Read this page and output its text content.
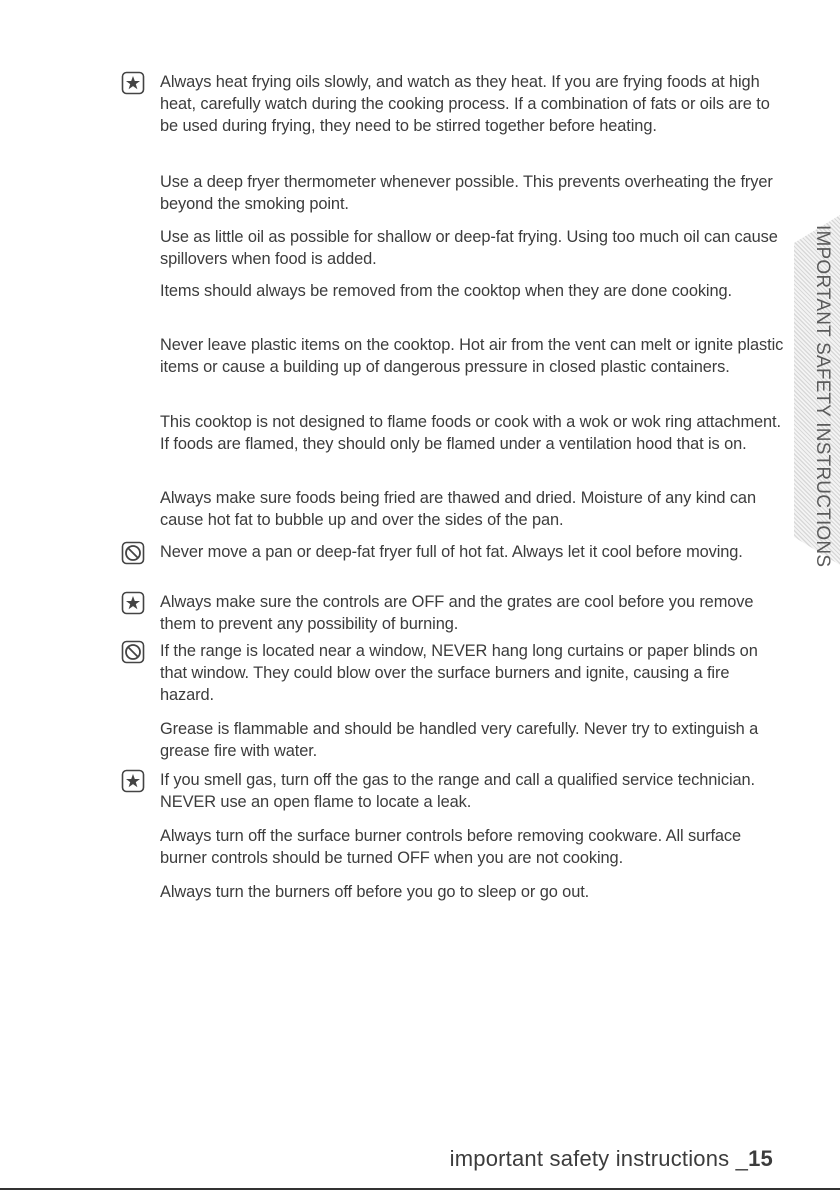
Always heat frying oils slowly, and watch as they heat. If you are frying foods at high heat, carefully watch during the cooking process. If a combination of fats or oils are to be used during frying, they need to be stirred together before heating.
Use a deep fryer thermometer whenever possible. This prevents overheating the fryer beyond the smoking point.
Use as little oil as possible for shallow or deep-fat frying. Using too much oil can cause spillovers when food is added.
Items should always be removed from the cooktop when they are done cooking.
Never leave plastic items on the cooktop. Hot air from the vent can melt or ignite plastic items or cause a building up of dangerous pressure in closed plastic containers.
This cooktop is not designed to flame foods or cook with a wok or wok ring attachment. If foods are flamed, they should only be flamed under a ventilation hood that is on.
Always make sure foods being fried are thawed and dried. Moisture of any kind can cause hot fat to bubble up and over the sides of the pan.
Never move a pan or deep-fat fryer full of hot fat. Always let it cool before moving.
Always make sure the controls are OFF and the grates are cool before you remove them to prevent any possibility of burning.
If the range is located near a window, NEVER hang long curtains or paper blinds on that window. They could blow over the surface burners and ignite, causing a fire hazard.
Grease is flammable and should be handled very carefully. Never try to extinguish a grease fire with water.
If you smell gas, turn off the gas to the range and call a qualified service technician. NEVER use an open flame to locate a leak.
Always turn off the surface burner controls before removing cookware. All surface burner controls should be turned OFF when you are not cooking.
Always turn the burners off before you go to sleep or go out.
IMPORTANT SAFETY INSTRUCTIONS
important safety instructions _15
